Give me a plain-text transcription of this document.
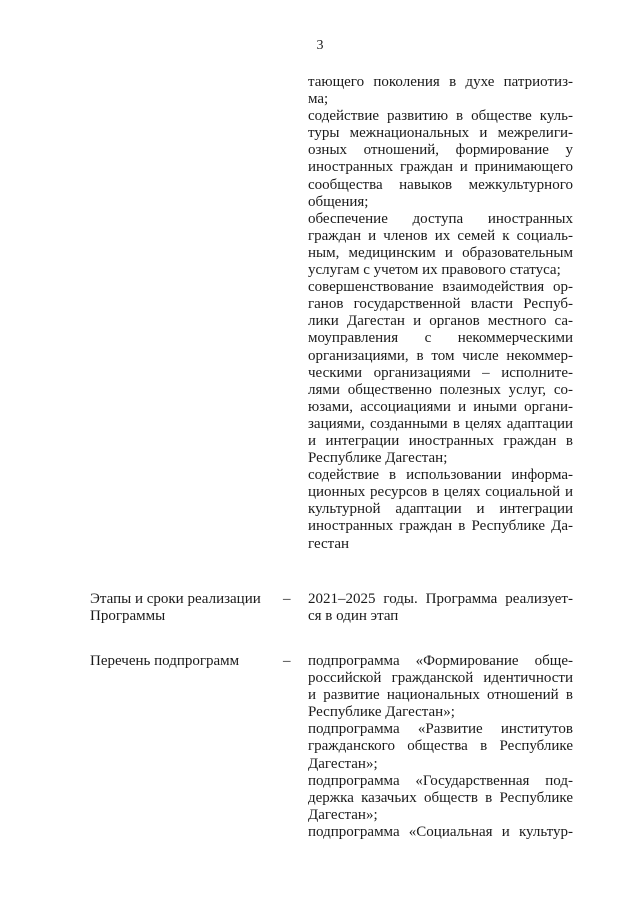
3
тающего поколения в духе патриотиз-
ма;
содействие развитию в обществе куль-
туры межнациональных и межрелиги-
озных отношений, формирование у
иностранных граждан и принимающего
сообщества навыков межкультурного
общения;
обеспечение доступа иностранных
граждан и членов их семей к социаль-
ным, медицинским и образовательным
услугам с учетом их правового статуса;
совершенствование взаимодействия ор-
ганов государственной власти Респуб-
лики Дагестан и органов местного са-
моуправления с некоммерческими
организациями, в том числе некоммер-
ческими организациями – исполните-
лями общественно полезных услуг, со-
юзами, ассоциациями и иными органи-
зациями, созданными в целях адаптации
и интеграции иностранных граждан в
Республике Дагестан;
содействие в использовании информа-
ционных ресурсов в целях социальной и
культурной адаптации и интеграции
иностранных граждан в Республике Да-
гестан
Этапы и сроки реализации
Программы
– 2021–2025 годы. Программа реализует-
ся в один этап
Перечень подпрограмм	– подпрограмма «Формирование обще-
российской гражданской идентичности
и развитие национальных отношений в
Республике Дагестан»;
подпрограмма «Развитие институтов
гражданского общества в Республике
Дагестан»;
подпрограмма «Государственная под-
держка казачьих обществ в Республике
Дагестан»;
подпрограмма «Социальная и культур-
